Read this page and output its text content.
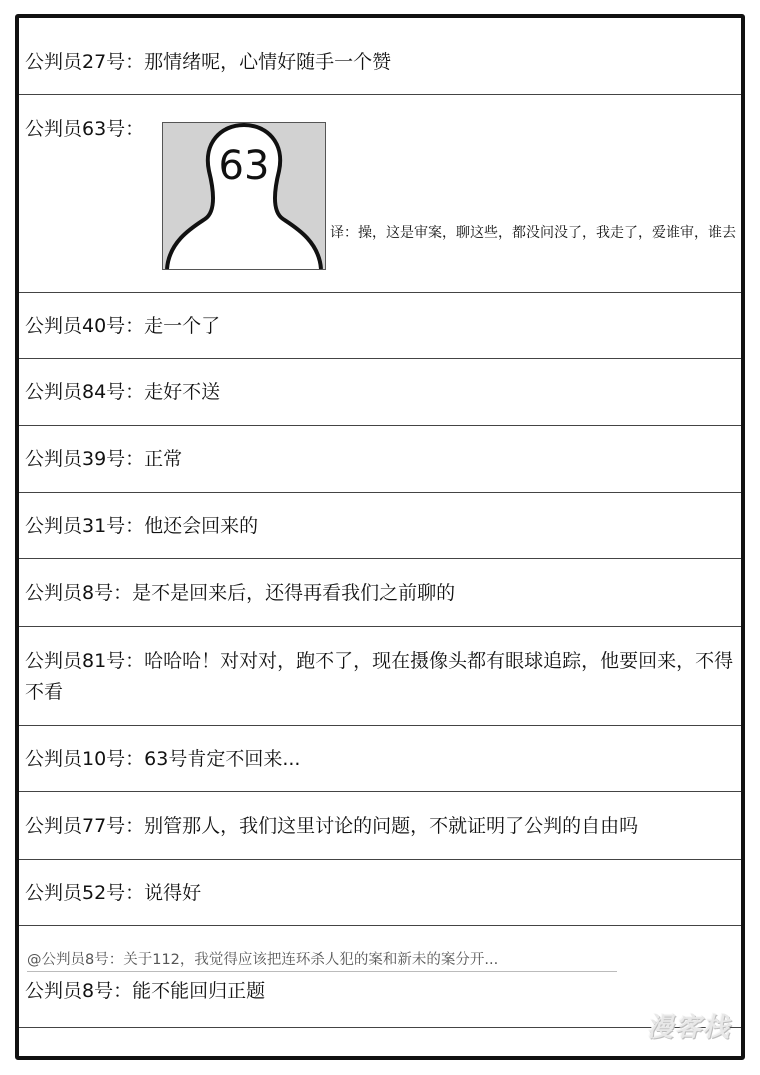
公判员27号：那情绪呢，心情好随手一个赞
公判员63号：
63
译：操，这是审案，聊这些，都没问没了，我走了，爱谁审，谁去
公判员40号：走一个了
公判员84号：走好不送
公判员39号：正常
公判员31号：他还会回来的
公判员8号：是不是回来后，还得再看我们之前聊的
公判员81号：哈哈哈！对对对，跑不了，现在摄像头都有眼球追踪，他要回来，不得不看
公判员10号：63号肯定不回来...
公判员77号：别管那人，我们这里讨论的问题，不就证明了公判的自由吗
公判员52号：说得好
@公判员8号：关于112，我觉得应该把连环杀人犯的案和新未的案分开...
公判员8号：能不能回归正题
漫客栈
